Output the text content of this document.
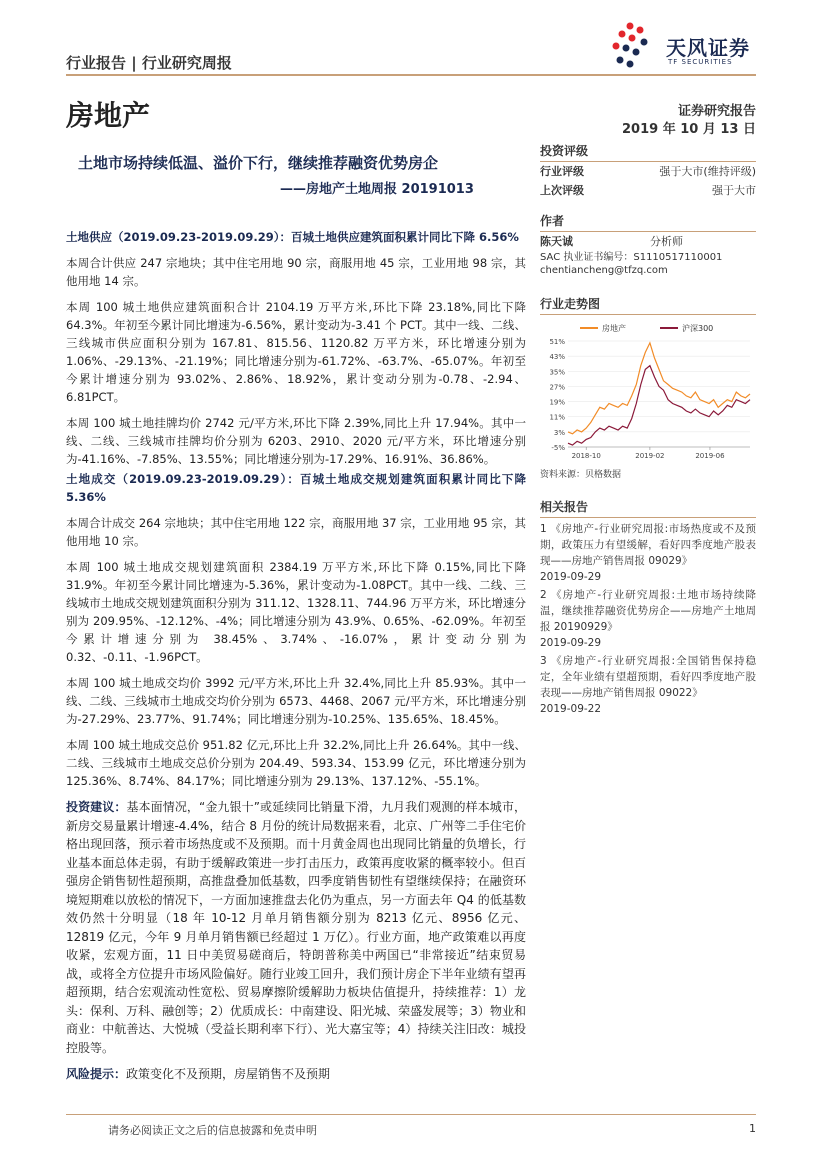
行业报告 | 行业研究周报
天风证券
TF SECURITIES
房地产	证券研究报告
2019 年 10 月 13 日
土地市场持续低温、溢价下行，继续推荐融资优势房企
——房地产土地周报 20191013
投资评级
行业评级	强于大市(维持评级)
上次评级	强于大市
作者
陈天诚	分析师
SAC 执业证书编号：S1110517110001
chentiancheng@tfzq.com
行业走势图
51%
43%
35%
27%
19%
11%
3%
-5%
2018-10	2019-02	2019-06
房地产	沪深300
资料来源：贝格数据
相关报告
1 《房地产-行业研究周报:市场热度或不及预期，政策压力有望缓解，看好四季度地产股表现——房地产销售周报 09029》
2019-09-29
2 《房地产-行业研究周报:土地市场持续降温，继续推荐融资优势房企——房地产土地周报 20190929》
2019-09-29
3 《房地产-行业研究周报:全国销售保持稳定，全年业绩有望超预期，看好四季度地产股表现——房地产销售周报 09022》
2019-09-22

土地供应（2019.09.23-2019.09.29）：百城土地供应建筑面积累计同比下降 6.56%

本周合计供应 247 宗地块；其中住宅用地 90 宗，商服用地 45 宗，工业用地 98 宗，其他用地 14 宗。

本周 100 城土地供应建筑面积合计 2104.19 万平方米,环比下降 23.18%,同比下降 64.3%。年初至今累计同比增速为-6.56%，累计变动为-3.41 个 PCT。其中一线、二线、三线城市供应面积分别为 167.81、815.56、1120.82 万平方米，环比增速分别为 1.06%、-29.13%、-21.19%；同比增速分别为-61.72%、-63.7%、-65.07%。年初至今累计增速分别为 93.02%、2.86%、18.92%，累计变动分别为-0.78、-2.94、6.81PCT。

本周 100 城土地挂牌均价 2742 元/平方米,环比下降 2.39%,同比上升 17.94%。其中一线、二线、三线城市挂牌均价分别为 6203、2910、2020 元/平方米，环比增速分别为-41.16%、-7.85%、13.55%；同比增速分别为-17.29%、16.91%、36.86%。

土地成交（2019.09.23-2019.09.29）：百城土地成交规划建筑面积累计同比下降 5.36%

本周合计成交 264 宗地块；其中住宅用地 122 宗，商服用地 37 宗，工业用地 95 宗，其他用地 10 宗。

本周 100 城土地成交规划建筑面积 2384.19 万平方米,环比下降 0.15%,同比下降 31.9%。年初至今累计同比增速为-5.36%，累计变动为-1.08PCT。其中一线、二线、三线城市土地成交规划建筑面积分别为 311.12、1328.11、744.96 万平方米，环比增速分别为 209.95%、-12.12%、-4%；同比增速分别为 43.9%、0.65%、-62.09%。年初至今累计增速分别为 38.45%、3.74%、-16.07%，累计变动分别为 0.32、-0.11、-1.96PCT。

本周 100 城土地成交均价 3992 元/平方米,环比上升 32.4%,同比上升 85.93%。其中一线、二线、三线城市土地成交均价分别为 6573、4468、2067 元/平方米，环比增速分别为-27.29%、23.77%、91.74%；同比增速分别为-10.25%、135.65%、18.45%。

本周 100 城土地成交总价 951.82 亿元,环比上升 32.2%,同比上升 26.64%。其中一线、二线、三线城市土地成交总价分别为 204.49、593.34、153.99 亿元，环比增速分别为 125.36%、8.74%、84.17%；同比增速分别为 29.13%、137.12%、-55.1%。

投资建议：基本面情况，“金九银十”或延续同比销量下滑，九月我们观测的样本城市，新房交易量累计增速-4.4%，结合 8 月份的统计局数据来看，北京、广州等二手住宅价格出现回落，预示着市场热度或不及预期。而十月黄金周也出现同比销量的负增长，行业基本面总体走弱，有助于缓解政策进一步打击压力，政策再度收紧的概率较小。但百强房企销售韧性超预期，高推盘叠加低基数，四季度销售韧性有望继续保持；在融资环境短期难以放松的情况下，一方面加速推盘去化仍为重点，另一方面去年 Q4 的低基数效仍然十分明显（18 年 10-12 月单月销售额分别为 8213 亿元、8956 亿元、12819 亿元，今年 9 月单月销售额已经超过 1 万亿）。行业方面，地产政策难以再度收紧，宏观方面，11 日中美贸易磋商后，特朗普称美中两国已“非常接近”结束贸易战，或将全方位提升市场风险偏好。随行业竣工回升，我们预计房企下半年业绩有望再超预期，结合宏观流动性宽松、贸易摩擦阶缓解助力板块估值提升，持续推荐：1）龙头：保利、万科、融创等；2）优质成长：中南建设、阳光城、荣盛发展等；3）物业和商业：中航善达、大悦城（受益长期利率下行）、光大嘉宝等；4）持续关注旧改：城投控股等。

风险提示：政策变化不及预期，房屋销售不及预期

请务必阅读正文之后的信息披露和免责申明	1
